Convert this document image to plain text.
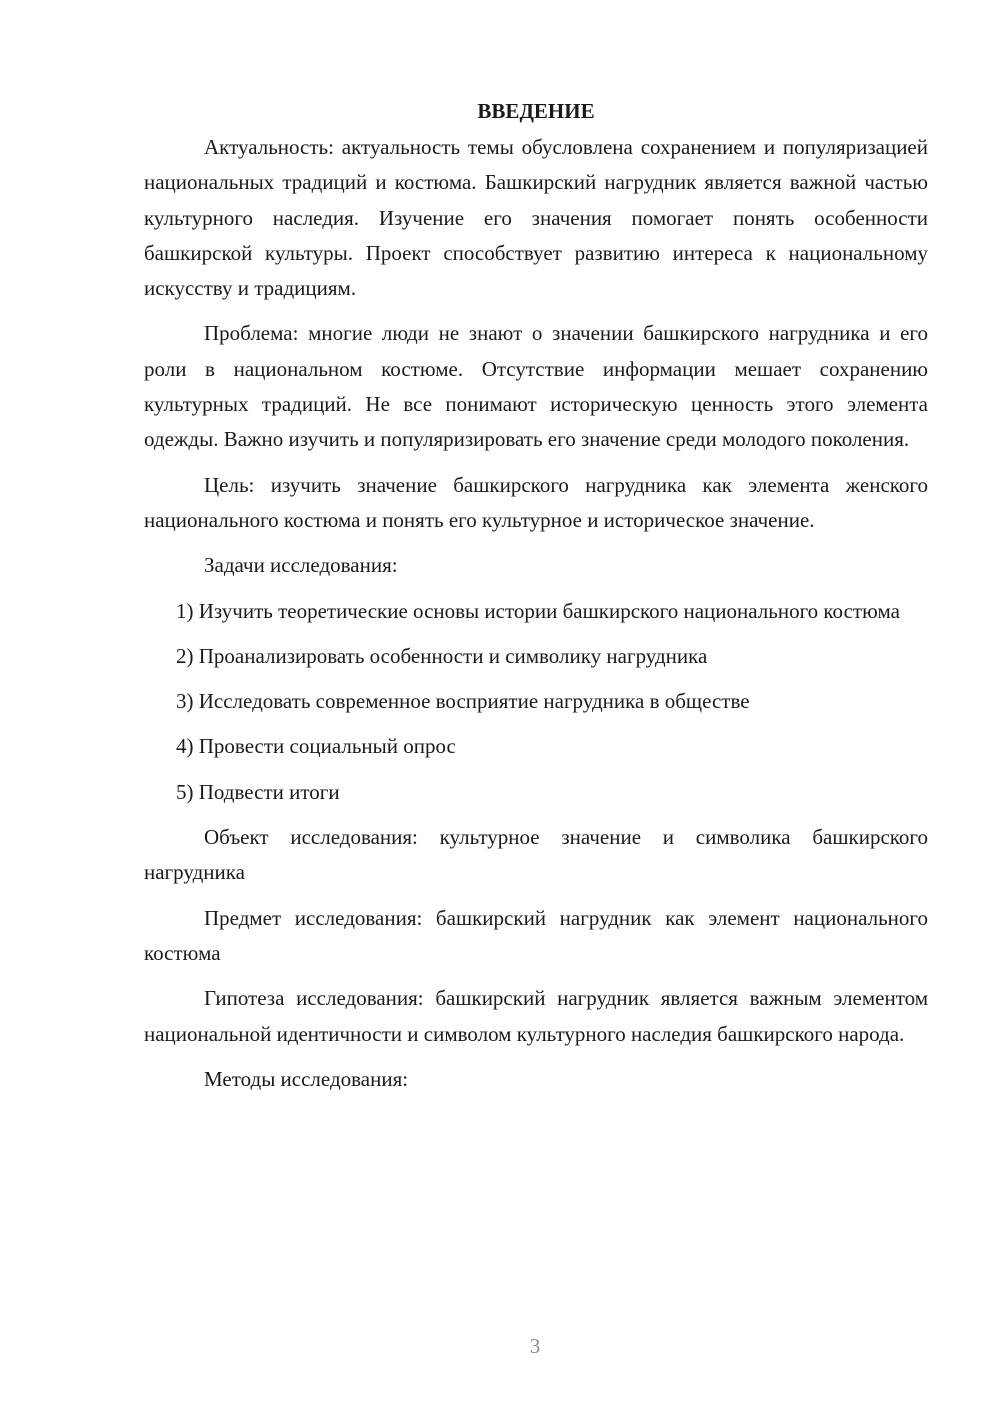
ВВЕДЕНИЕ

Актуальность: актуальность темы обусловлена сохранением и популяризацией национальных традиций и костюма. Башкирский нагрудник является важной частью культурного наследия. Изучение его значения помогает понять особенности башкирской культуры. Проект способствует развитию интереса к национальному искусству и традициям.

Проблема: многие люди не знают о значении башкирского нагрудника и его роли в национальном костюме. Отсутствие информации мешает сохранению культурных традиций. Не все понимают историческую ценность этого элемента одежды. Важно изучить и популяризировать его значение среди молодого поколения.

Цель: изучить значение башкирского нагрудника как элемента женского национального костюма и понять его культурное и историческое значение.

Задачи исследования:

1) Изучить теоретические основы истории башкирского национального костюма

2) Проанализировать особенности и символику нагрудника

3) Исследовать современное восприятие нагрудника в обществе

4) Провести социальный опрос

5) Подвести итоги

Объект исследования: культурное значение и символика башкирского нагрудника

Предмет исследования: башкирский нагрудник как элемент национального костюма

Гипотеза исследования: башкирский нагрудник является важным элементом национальной идентичности и символом культурного наследия башкирского народа.

Методы исследования:

3
